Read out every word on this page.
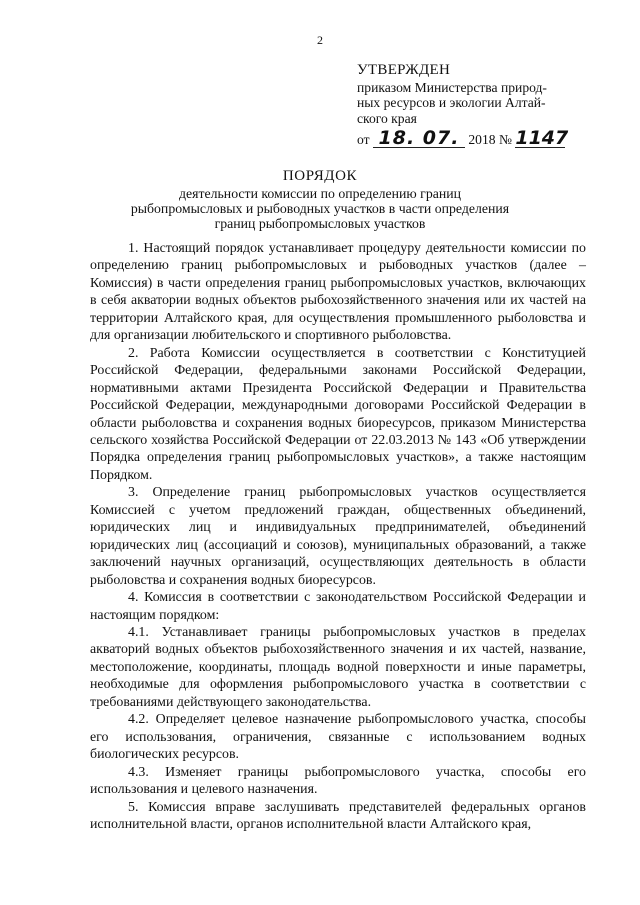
2
УТВЕРЖДЕН
приказом Министерства природ-
ных ресурсов и экологии Алтай-
ского края
от 18. 07. 2018 № 1147
ПОРЯДОК
деятельности комиссии по определению границ
рыбопромысловых и рыбоводных участков в части определения
границ рыбопромысловых участков

1. Настоящий порядок устанавливает процедуру деятельности комиссии по определению границ рыбопромысловых и рыбоводных участков (далее – Комиссия) в части определения границ рыбопромысловых участков, включающих в себя акватории водных объектов рыбохозяйственного значения или их частей на территории Алтайского края, для осуществления промышленного рыболовства и для организации любительского и спортивного рыболовства.

2. Работа Комиссии осуществляется в соответствии с Конституцией Российской Федерации, федеральными законами Российской Федерации, нормативными актами Президента Российской Федерации и Правительства Российской Федерации, международными договорами Российской Федерации в области рыболовства и сохранения водных биоресурсов, приказом Министерства сельского хозяйства Российской Федерации от 22.03.2013 № 143 «Об утверждении Порядка определения границ рыбопромысловых участков», а также настоящим Порядком.

3. Определение границ рыбопромысловых участков осуществляется Комиссией с учетом предложений граждан, общественных объединений, юридических лиц и индивидуальных предпринимателей, объединений юридических лиц (ассоциаций и союзов), муниципальных образований, а также заключений научных организаций, осуществляющих деятельность в области рыболовства и сохранения водных биоресурсов.

4. Комиссия в соответствии с законодательством Российской Федерации и настоящим порядком:

4.1. Устанавливает границы рыбопромысловых участков в пределах акваторий водных объектов рыбохозяйственного значения и их частей, название, местоположение, координаты, площадь водной поверхности и иные параметры, необходимые для оформления рыбопромыслового участка в соответствии с требованиями действующего законодательства.

4.2. Определяет целевое назначение рыбопромыслового участка, способы его использования, ограничения, связанные с использованием водных биологических ресурсов.

4.3. Изменяет границы рыбопромыслового участка, способы его использования и целевого назначения.

5. Комиссия вправе заслушивать представителей федеральных органов исполнительной власти, органов исполнительной власти Алтайского края,
